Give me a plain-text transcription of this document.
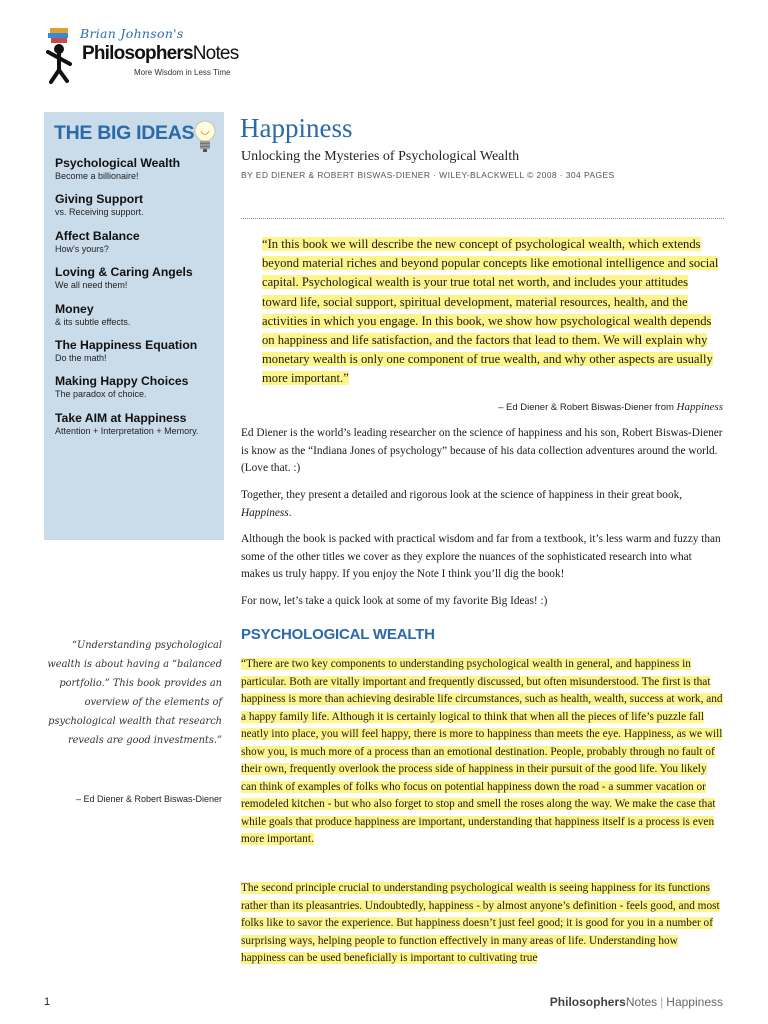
Brian Johnson's
PhilosophersNotes
More Wisdom in Less Time
THE BIG IDEAS
Psychological Wealth
Become a billionaire!
Giving Support
vs. Receiving support.
Affect Balance
How's yours?
Loving & Caring Angels
We all need them!
Money
& its subtle effects.
The Happiness Equation
Do the math!
Making Happy Choices
The paradox of choice.
Take AIM at Happiness
Attention + Interpretation + Memory.
Happiness
Unlocking the Mysteries of Psychological Wealth
BY ED DIENER & ROBERT BISWAS-DIENER · WILEY-BLACKWELL © 2008 · 304 PAGES

“In this book we will describe the new concept of psychological wealth, which extends beyond material riches and beyond popular concepts like emotional intelligence and social capital. Psychological wealth is your true total net worth, and includes your attitudes toward life, social support, spiritual development, material resources, health, and the activities in which you engage. In this book, we show how psychological wealth depends on happiness and life satisfaction, and the factors that lead to them. We will explain why monetary wealth is only one component of true wealth, and why other aspects are usually more important.”

– Ed Diener & Robert Biswas-Diener from Happiness

Ed Diener is the world’s leading researcher on the science of happiness and his son, Robert Biswas-Diener is know as the “Indiana Jones of psychology” because of his data collection adventures around the world. (Love that. :)

Together, they present a detailed and rigorous look at the science of happiness in their great book, Happiness.

Although the book is packed with practical wisdom and far from a textbook, it’s less warm and fuzzy than some of the other titles we cover as they explore the nuances of the sophisticated research into what makes us truly happy. If you enjoy the Note I think you’ll dig the book!

For now, let’s take a quick look at some of my favorite Big Ideas! :)

PSYCHOLOGICAL WEALTH

“There are two key components to understanding psychological wealth in general, and happiness in particular. Both are vitally important and frequently discussed, but often misunderstood. The first is that happiness is more than achieving desirable life circumstances, such as health, wealth, success at work, and a happy family life. Although it is certainly logical to think that when all the pieces of life’s puzzle fall neatly into place, you will feel happy, there is more to happiness than meets the eye. Happiness, as we will show you, is much more of a process than an emotional destination. People, probably through no fault of their own, frequently overlook the process side of happiness in their pursuit of the good life. You likely can think of examples of folks who focus on potential happiness down the road - a summer vacation or remodeled kitchen - but who also forget to stop and smell the roses along the way. We make the case that while goals that produce happiness are important, understanding that happiness itself is a process is even more important.

The second principle crucial to understanding psychological wealth is seeing happiness for its functions rather than its pleasantries. Undoubtedly, happiness - by almost anyone’s definition - feels good, and most folks like to savor the experience. But happiness doesn’t just feel good; it is good for you in a number of surprising ways, helping people to function effectively in many areas of life. Understanding how happiness can be used beneficially is important to cultivating true

“Understanding psychological wealth is about having a “balanced portfolio.” This book provides an overview of the elements of psychological wealth that research reveals are good investments.”
– Ed Diener & Robert Biswas-Diener
1	PhilosophersNotes | Happiness
